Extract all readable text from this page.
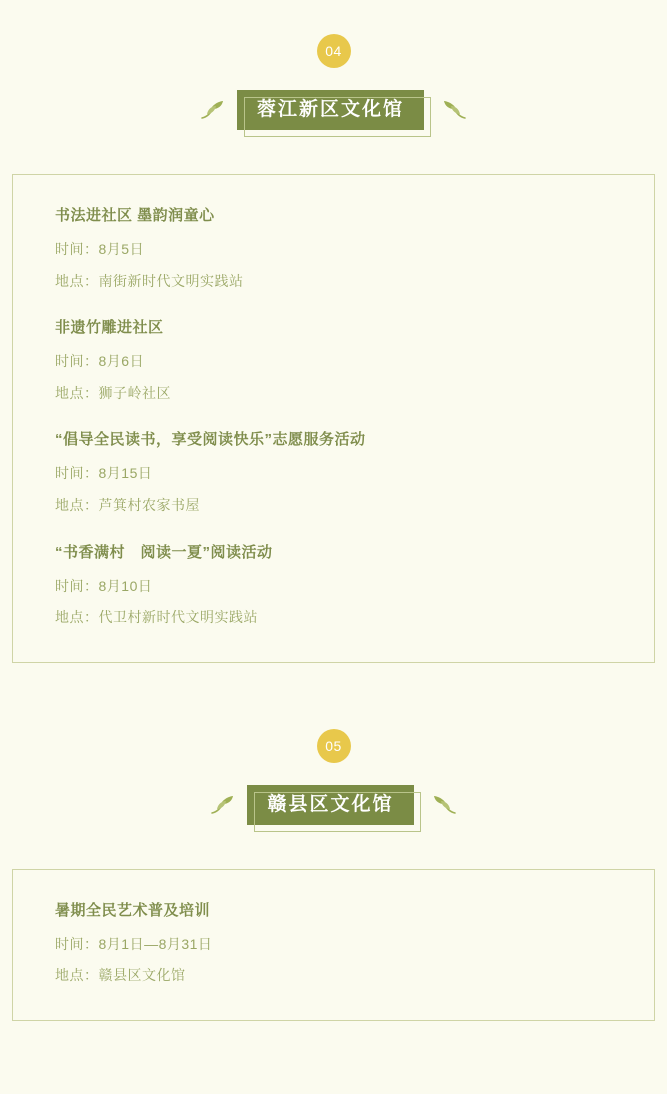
04
蓉江新区文化馆
书法进社区 墨韵润童心
时间：8月5日
地点：南街新时代文明实践站
非遗竹雕进社区
时间：8月6日
地点：狮子岭社区
“倡导全民读书，享受阅读快乐”志愿服务活动
时间：8月15日
地点：芦箕村农家书屋
“书香满村　阅读一夏”阅读活动
时间：8月10日
地点：代卫村新时代文明实践站
05
赣县区文化馆
暑期全民艺术普及培训
时间：8月1日—8月31日
地点：赣县区文化馆
